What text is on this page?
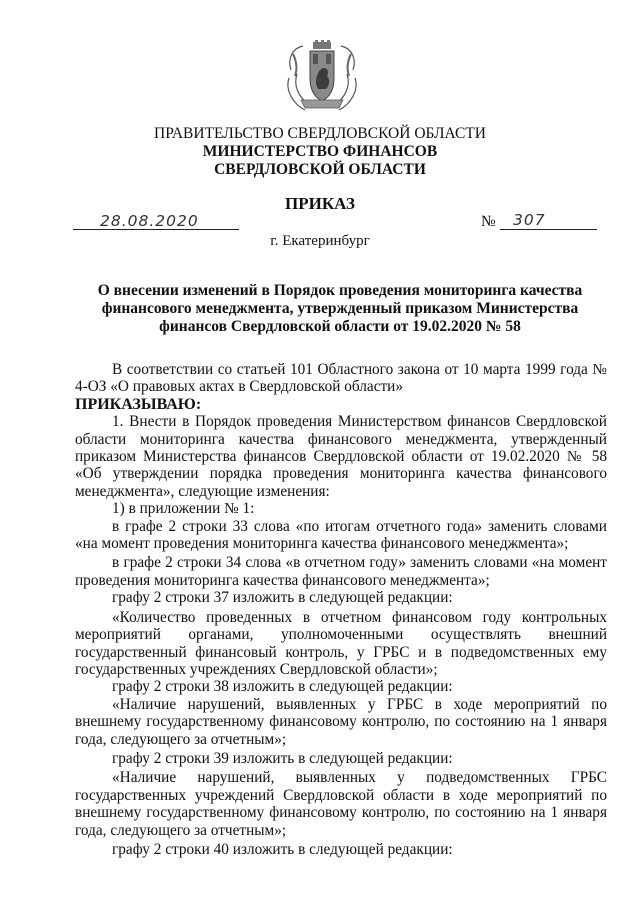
ПРАВИТЕЛЬСТВО СВЕРДЛОВСКОЙ ОБЛАСТИ
МИНИСТЕРСТВО ФИНАНСОВ
СВЕРДЛОВСКОЙ ОБЛАСТИ
ПРИКАЗ
28.08.2020	№ 307
г. Екатеринбург
О внесении изменений в Порядок проведения мониторинга качества финансового менеджмента, утвержденный приказом Министерства финансов Свердловской области от 19.02.2020 № 58

В соответствии со статьей 101 Областного закона от 10 марта 1999 года № 4-ОЗ «О правовых актах в Свердловской области»

ПРИКАЗЫВАЮ:

1. Внести в Порядок проведения Министерством финансов Свердловской области мониторинга качества финансового менеджмента, утвержденный приказом Министерства финансов Свердловской области от 19.02.2020 № 58 «Об утверждении порядка проведения мониторинга качества финансового менеджмента», следующие изменения:

1) в приложении № 1:

в графе 2 строки 33 слова «по итогам отчетного года» заменить словами «на момент проведения мониторинга качества финансового менеджмента»;

в графе 2 строки 34 слова «в отчетном году» заменить словами «на момент проведения мониторинга качества финансового менеджмента»;

графу 2 строки 37 изложить в следующей редакции:

«Количество проведенных в отчетном финансовом году контрольных мероприятий органами, уполномоченными осуществлять внешний государственный финансовый контроль, у ГРБС и в подведомственных ему государственных учреждениях Свердловской области»;

графу 2 строки 38 изложить в следующей редакции:

«Наличие нарушений, выявленных у ГРБС в ходе мероприятий по внешнему государственному финансовому контролю, по состоянию на 1 января года, следующего за отчетным»;

графу 2 строки 39 изложить в следующей редакции:

«Наличие нарушений, выявленных у подведомственных ГРБС государственных учреждений Свердловской области в ходе мероприятий по внешнему государственному финансовому контролю, по состоянию на 1 января года, следующего за отчетным»;

графу 2 строки 40 изложить в следующей редакции:
